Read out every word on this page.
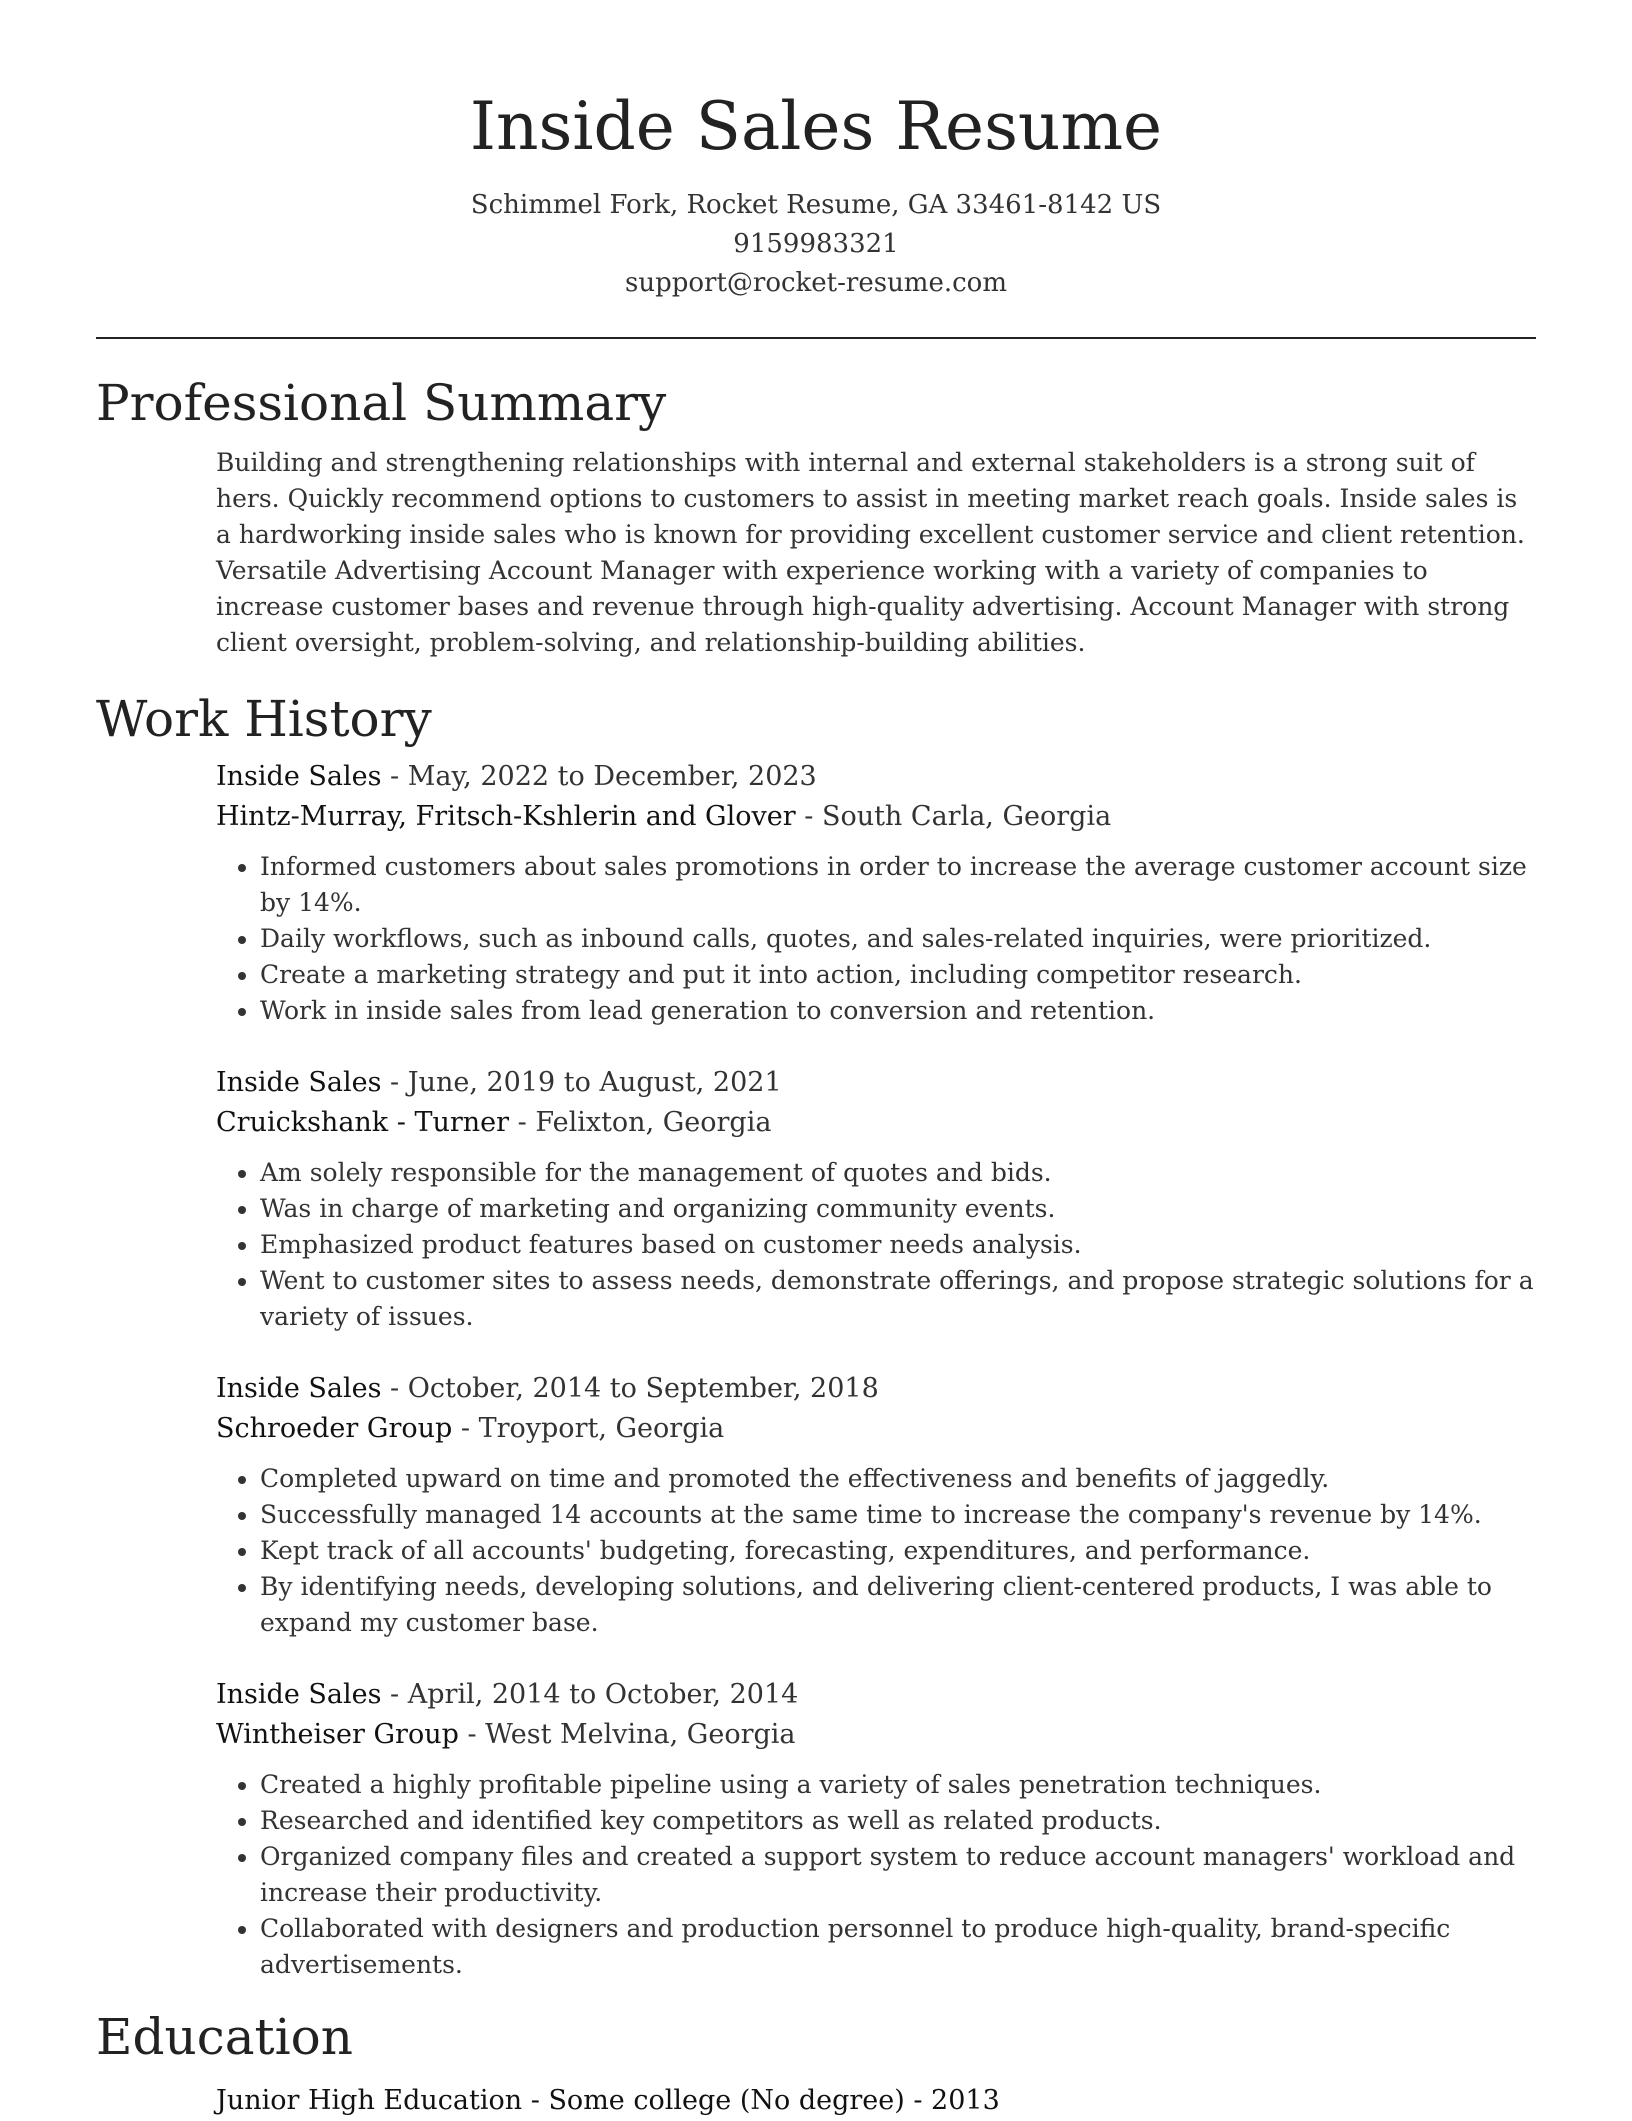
Inside Sales Resume

Schimmel Fork, Rocket Resume, GA 33461-8142 US

9159983321

support@rocket-resume.com

Professional Summary

Building and strengthening relationships with internal and external stakeholders is a strong suit of hers. Quickly recommend options to customers to assist in meeting market reach goals. Inside sales is a hardworking inside sales who is known for providing excellent customer service and client retention. Versatile Advertising Account Manager with experience working with a variety of companies to increase customer bases and revenue through high-quality advertising. Account Manager with strong client oversight, problem-solving, and relationship-building abilities.

Work History

Inside Sales - May, 2022 to December, 2023

Hintz-Murray, Fritsch-Kshlerin and Glover - South Carla, Georgia

• Informed customers about sales promotions in order to increase the average customer account size by 14%.
• Daily workflows, such as inbound calls, quotes, and sales-related inquiries, were prioritized.
• Create a marketing strategy and put it into action, including competitor research.
• Work in inside sales from lead generation to conversion and retention.

Inside Sales - June, 2019 to August, 2021

Cruickshank - Turner - Felixton, Georgia

• Am solely responsible for the management of quotes and bids.
• Was in charge of marketing and organizing community events.
• Emphasized product features based on customer needs analysis.
• Went to customer sites to assess needs, demonstrate offerings, and propose strategic solutions for a variety of issues.

Inside Sales - October, 2014 to September, 2018

Schroeder Group - Troyport, Georgia

• Completed upward on time and promoted the effectiveness and benefits of jaggedly.
• Successfully managed 14 accounts at the same time to increase the company's revenue by 14%.
• Kept track of all accounts' budgeting, forecasting, expenditures, and performance.
• By identifying needs, developing solutions, and delivering client-centered products, I was able to expand my customer base.

Inside Sales - April, 2014 to October, 2014

Wintheiser Group - West Melvina, Georgia

• Created a highly profitable pipeline using a variety of sales penetration techniques.
• Researched and identified key competitors as well as related products.
• Organized company files and created a support system to reduce account managers' workload and increase their productivity.
• Collaborated with designers and production personnel to produce high-quality, brand-specific advertisements.
Education

Junior High Education - Some college (No degree) - 2013
